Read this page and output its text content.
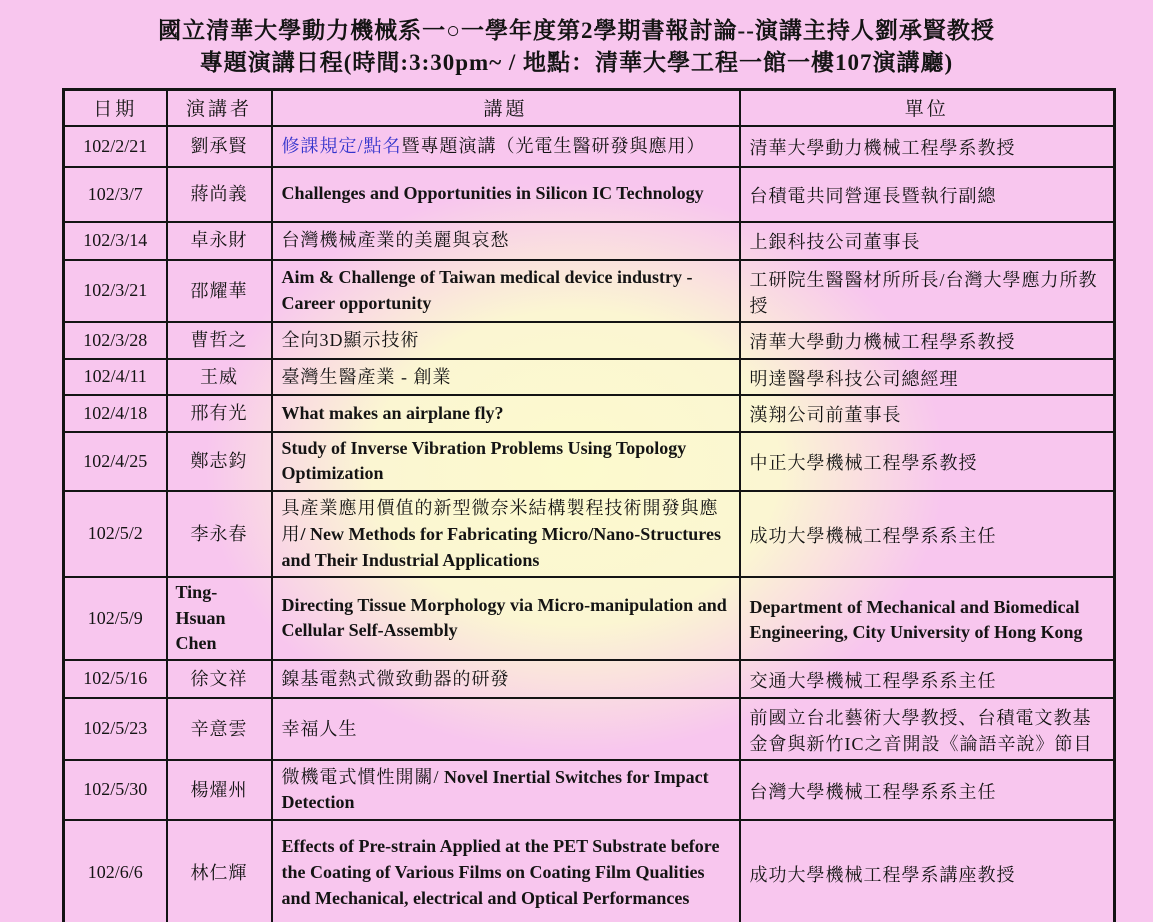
國立清華大學動力機械系一○一學年度第2學期書報討論--演講主持人劉承賢教授
專題演講日程(時間:3:30pm~ / 地點：清華大學工程一館一樓107演講廳)
日期	演講者	講題	單位
102/2/21	劉承賢	修課規定/點名暨專題演講（光電生醫研發與應用）	清華大學動力機械工程學系教授
102/3/7	蔣尚義	Challenges and Opportunities in Silicon IC Technology	台積電共同營運長暨執行副總
102/3/14	卓永財	台灣機械產業的美麗與哀愁	上銀科技公司董事長
102/3/21	邵耀華	Aim & Challenge of Taiwan medical device industry - Career opportunity	工研院生醫醫材所所長/台灣大學應力所教授
102/3/28	曹哲之	全向3D顯示技術	清華大學動力機械工程學系教授
102/4/11	王威	臺灣生醫產業 - 創業	明達醫學科技公司總經理
102/4/18	邢有光	What makes an airplane fly?	漢翔公司前董事長
102/4/25	鄭志鈞	Study of Inverse Vibration Problems Using Topology Optimization	中正大學機械工程學系教授
102/5/2	李永春	具產業應用價值的新型微奈米結構製程技術開發與應用/ New Methods for Fabricating Micro/Nano-Structures and Their Industrial Applications	成功大學機械工程學系系主任
102/5/9	Ting-Hsuan Chen	Directing Tissue Morphology via Micro-manipulation and Cellular Self-Assembly	Department of Mechanical and Biomedical Engineering, City University of Hong Kong
102/5/16	徐文祥	鎳基電熱式微致動器的研發	交通大學機械工程學系系主任
102/5/23	辛意雲	幸福人生	前國立台北藝術大學教授、台積電文教基金會與新竹IC之音開設《論語辛說》節目
102/5/30	楊燿州	微機電式慣性開關/ Novel Inertial Switches for Impact Detection	台灣大學機械工程學系系主任
102/6/6	林仁輝	Effects of Pre-strain Applied at the PET Substrate before the Coating of Various Films on Coating Film Qualities and Mechanical, electrical and Optical Performances	成功大學機械工程學系講座教授
